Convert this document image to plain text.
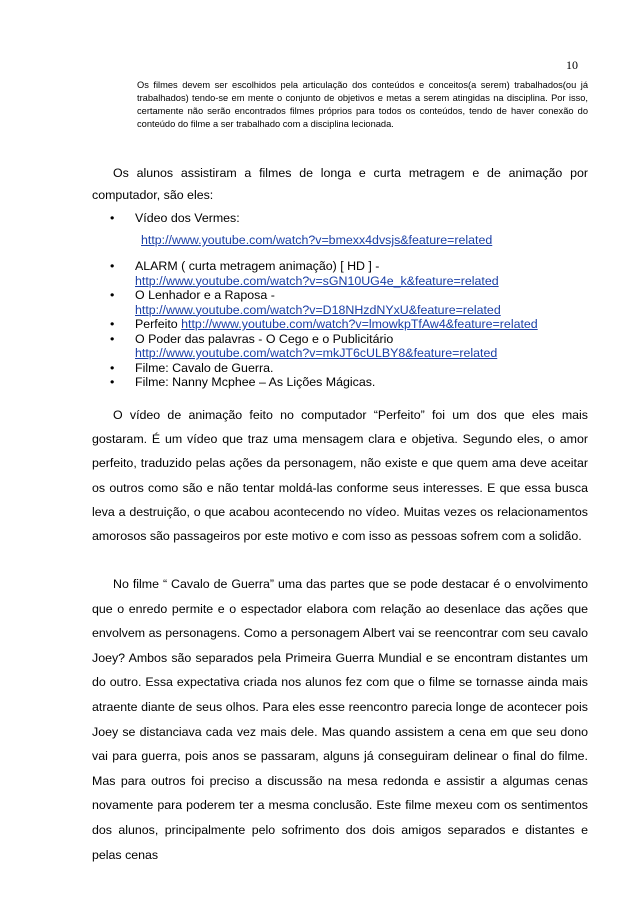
10
Os filmes devem ser escolhidos pela articulação dos conteúdos e conceitos(a serem) trabalhados(ou já trabalhados) tendo-se em mente o conjunto de objetivos e metas a serem atingidas na disciplina. Por isso, certamente não serão encontrados filmes próprios para todos os conteúdos, tendo de haver conexão do conteúdo do filme a ser trabalhado com a disciplina lecionada.
Os alunos assistiram a filmes de longa e curta metragem e de animação por computador, são eles:
• Vídeo dos Vermes:
http://www.youtube.com/watch?v=bmexx4dvsjs&feature=related
• ALARM ( curta metragem animação) [ HD ] -
http://www.youtube.com/watch?v=sGN10UG4e_k&feature=related
• O Lenhador e a Raposa -
http://www.youtube.com/watch?v=D18NHzdNYxU&feature=related
• Perfeito http://www.youtube.com/watch?v=lmowkpTfAw4&feature=related
• O Poder das palavras - O Cego e o Publicitário
http://www.youtube.com/watch?v=mkJT6cULBY8&feature=related
• Filme: Cavalo de Guerra.
• Filme: Nanny Mcphee – As Lições Mágicas.
O vídeo de animação feito no computador “Perfeito” foi um dos que eles mais gostaram. É um vídeo que traz uma mensagem clara e objetiva. Segundo eles, o amor perfeito, traduzido pelas ações da personagem, não existe e que quem ama deve aceitar os outros como são e não tentar moldá-las conforme seus interesses. E que essa busca leva a destruição, o que acabou acontecendo no vídeo. Muitas vezes os relacionamentos amorosos são passageiros por este motivo e com isso as pessoas sofrem com a solidão.
No filme “ Cavalo de Guerra” uma das partes que se pode destacar é o envolvimento que o enredo permite e o espectador elabora com relação ao desenlace das ações que envolvem as personagens. Como a personagem Albert vai se reencontrar com seu cavalo Joey? Ambos são separados pela Primeira Guerra Mundial e se encontram distantes um do outro. Essa expectativa criada nos alunos fez com que o filme se tornasse ainda mais atraente diante de seus olhos. Para eles esse reencontro parecia longe de acontecer pois Joey se distanciava cada vez mais dele. Mas quando assistem a cena em que seu dono vai para guerra, pois anos se passaram, alguns já conseguiram delinear o final do filme. Mas para outros foi preciso a discussão na mesa redonda e assistir a algumas cenas novamente para poderem ter a mesma conclusão. Este filme mexeu com os sentimentos dos alunos, principalmente pelo sofrimento dos dois amigos separados e distantes e pelas cenas
